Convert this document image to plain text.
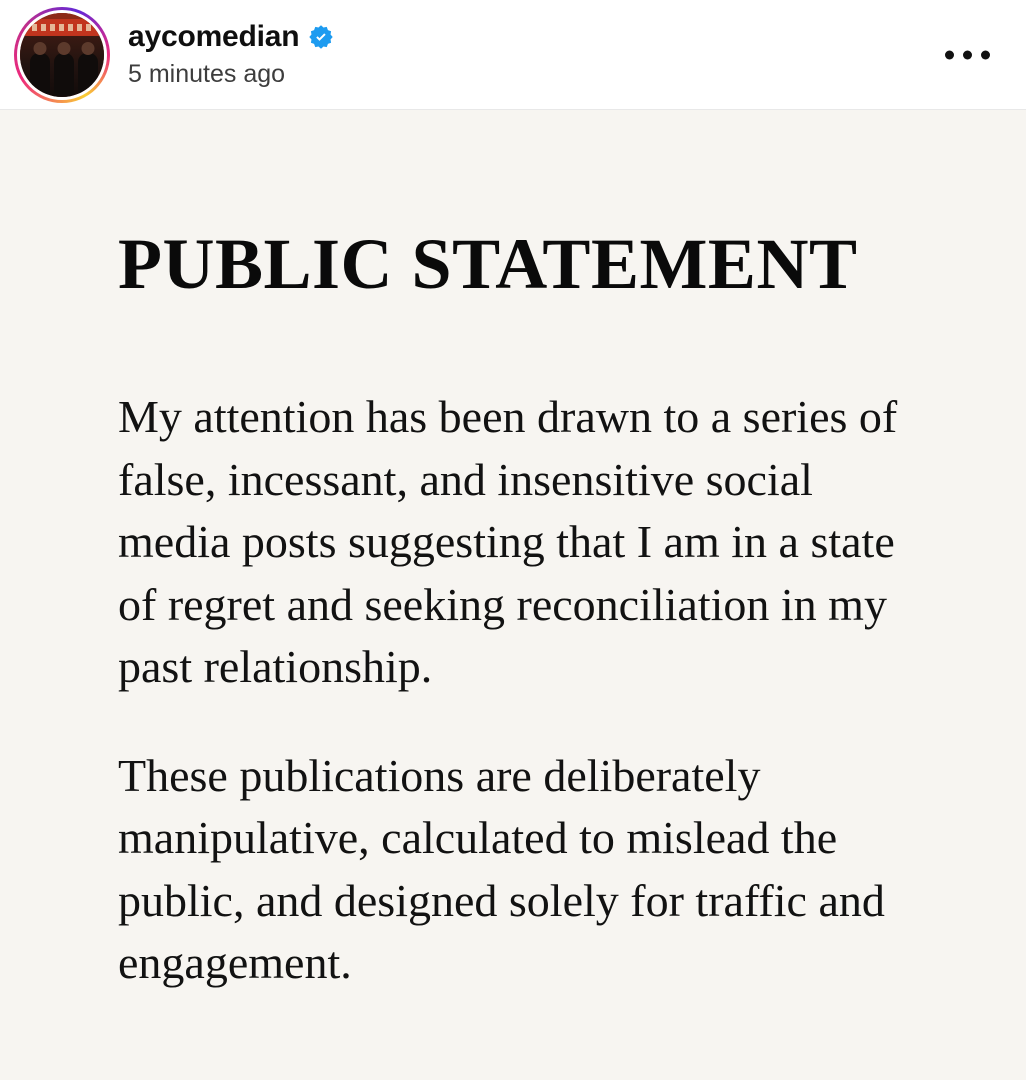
aycomedian
5 minutes ago
PUBLIC STATEMENT

My attention has been drawn to a series of false, incessant, and insensitive social media posts suggesting that I am in a state of regret and seeking reconciliation in my past relationship.

These publications are deliberately manipulative, calculated to mislead the public, and designed solely for traffic and engagement.
